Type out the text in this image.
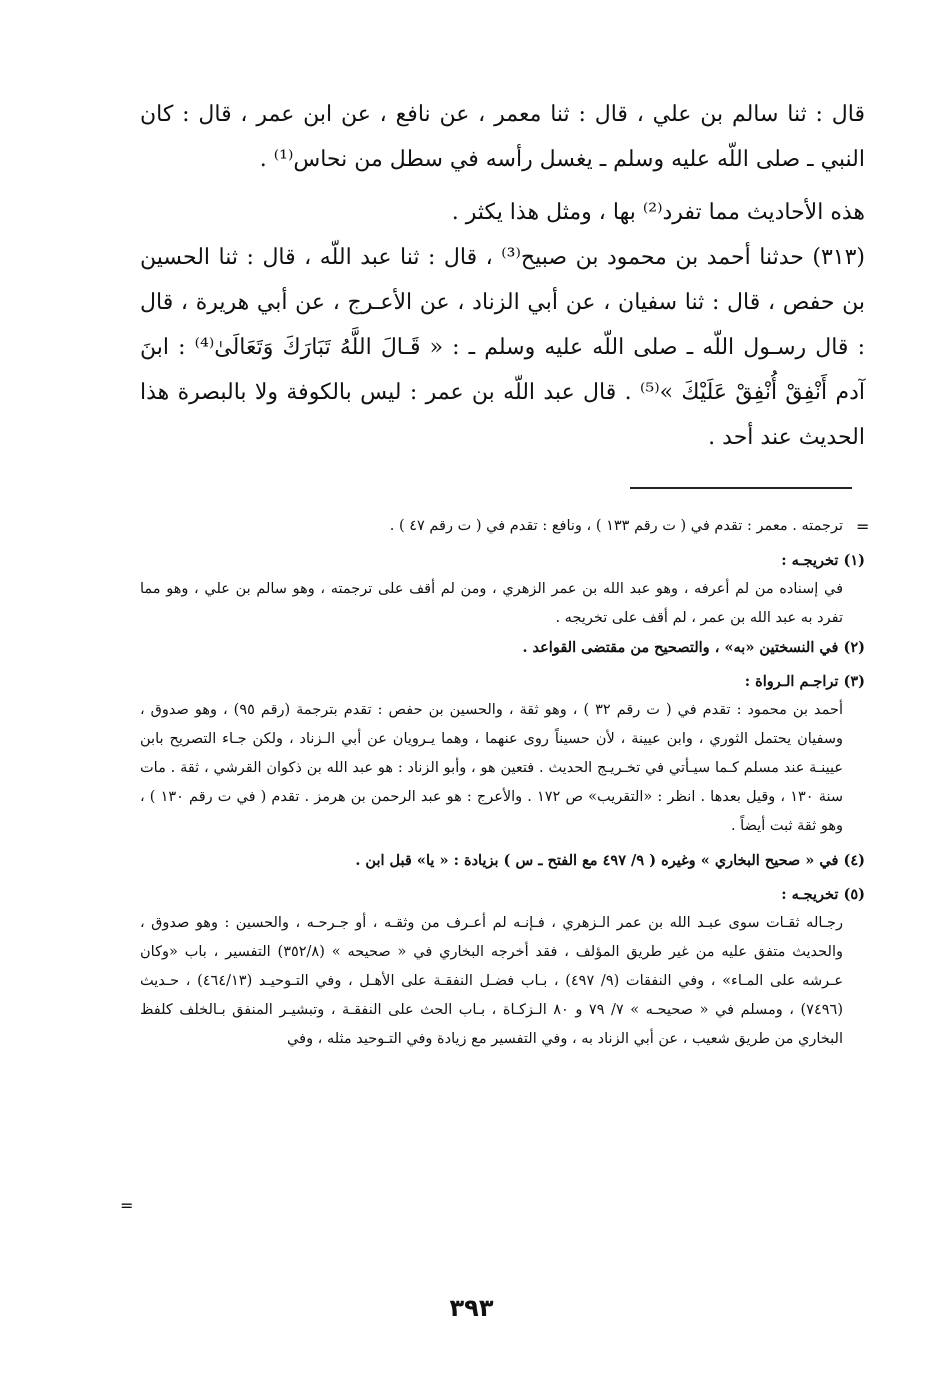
قال : ثنا سالم بن علي ، قال : ثنا معمر ، عن نافع ، عن ابن عمر ، قال : كان النبي ـ صلى اللّه عليه وسلم ـ يغسل رأسه في سطل من نحاس⁽¹⁾ .

هذه الأحاديث مما تفرد⁽²⁾ بها ، ومثل هذا يكثر .

(٣١٣) حدثنا أحمد بن محمود بن صبيح⁽³⁾ ، قال : ثنا عبد اللّه ، قال : ثنا الحسين بن حفص ، قال : ثنا سفيان ، عن أبي الزناد ، عن الأعـرج ، عن أبي هريرة ، قال : قال رسـول اللّه ـ صلى اللّه عليه وسلم ـ : « قَـالَ اللَّهُ تَبَارَكَ وَتَعَالَىٰ⁽⁴⁾ : ابنَ آدم أَنْفِقْ أُنْفِقْ عَلَيْكَ »⁽⁵⁾ . قال عبد اللّه بن عمر : ليس بالكوفة ولا بالبصرة هذا الحديث عند أحد .

=

ترجمته . معمر : تقدم في ( ت رقم ١٣٣ ) ، ونافع : تقدم في ( ت رقم ٤٧ ) .

(١) تخريجـه :

في إسناده من لم أعرفه ، وهو عبد الله بن عمر الزهري ، ومن لم أقف على ترجمته ، وهو سالم بن علي ، وهو مما تفرد به عبد الله بن عمر ، لم أقف على تخريجه .

(٢) في النسختين «به» ، والتصحيح من مقتضى القواعد .

(٣) تراجـم الـرواة :

أحمد بن محمود : تقدم في ( ت رقم ٣٢ ) ، وهو ثقة ، والحسين بن حفص : تقدم بترجمة (رقم ٩٥) ، وهو صدوق ، وسفيان يحتمل الثوري ، وابن عيينة ، لأن حسيناً روى عنهما ، وهما يـرويان عن أبي الـزناد ، ولكن جـاء التصريح بابن عيينـة عند مسلم كـما سيـأتي في تخـريـج الحديث . فتعين هو ، وأبو الزناد : هو عبد الله بن ذكوان القرشي ، ثقة . مات سنة ١٣٠ ، وقيل بعدها . انظر : «التقريب» ص ١٧٢ . والأعرج : هو عبد الرحمن بن هرمز . تقدم ( في ت رقم ١٣٠ ) ، وهو ثقة ثبت أيضاً .

(٤) في « صحيح البخاري » وغيره ( ٩/ ٤٩٧ مع الفتح ـ س ) بزيادة : « يا» قبل ابن .

(٥) تخريجـه :

رجـاله ثقـات سوى عبـد الله بن عمر الـزهري ، فـإنـه لم أعـرف من وثقـه ، أو جـرحـه ، والحسين : وهو صدوق ، والحديث متفق عليه من غير طريق المؤلف ، فقد أخرجه البخاري في « صحيحه » (٣٥٢/٨) التفسير ، باب «وكان عـرشه على المـاء» ، وفي النفقات (٩/ ٤٩٧) ، بـاب فضـل النفقـة على الأهـل ، وفي التـوحيـد (٤٦٤/١٣) ، حـديث (٧٤٩٦) ، ومسلم في « صحيحـه » ٧/ ٧٩ و ٨٠ الـزكـاة ، بـاب الحث على النفقـة ، وتبشيـر المنفق بـالخلف كلفظ البخاري من طريق شعيب ، عن أبي الزناد به ، وفي التفسير مع زيادة وفي التـوحيد مثله ، وفي

=
٣٩٣
